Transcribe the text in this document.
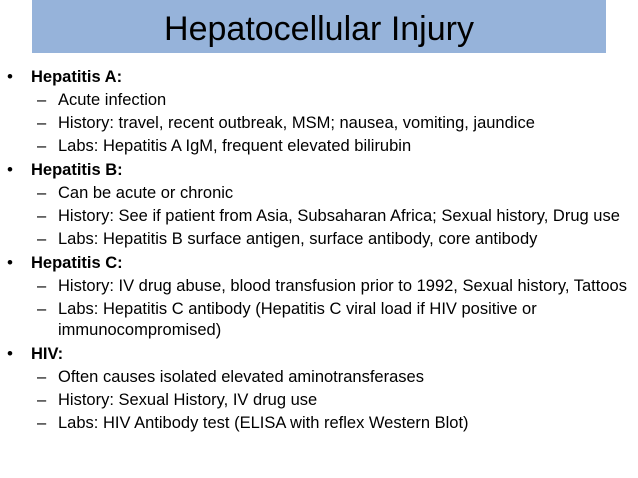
Hepatocellular Injury
• Hepatitis A:
– Acute infection
– History: travel, recent outbreak, MSM; nausea, vomiting, jaundice
– Labs: Hepatitis A IgM, frequent elevated bilirubin
• Hepatitis B:
– Can be acute or chronic
– History: See if patient from Asia, Subsaharan Africa; Sexual history, Drug use
– Labs: Hepatitis B surface antigen, surface antibody, core antibody
• Hepatitis C:
– History: IV drug abuse, blood transfusion prior to 1992, Sexual history, Tattoos
– Labs: Hepatitis C antibody (Hepatitis C viral load if HIV positive or immunocompromised)
• HIV:
– Often causes isolated elevated aminotransferases
– History: Sexual History, IV drug use
– Labs: HIV Antibody test (ELISA with reflex Western Blot)
